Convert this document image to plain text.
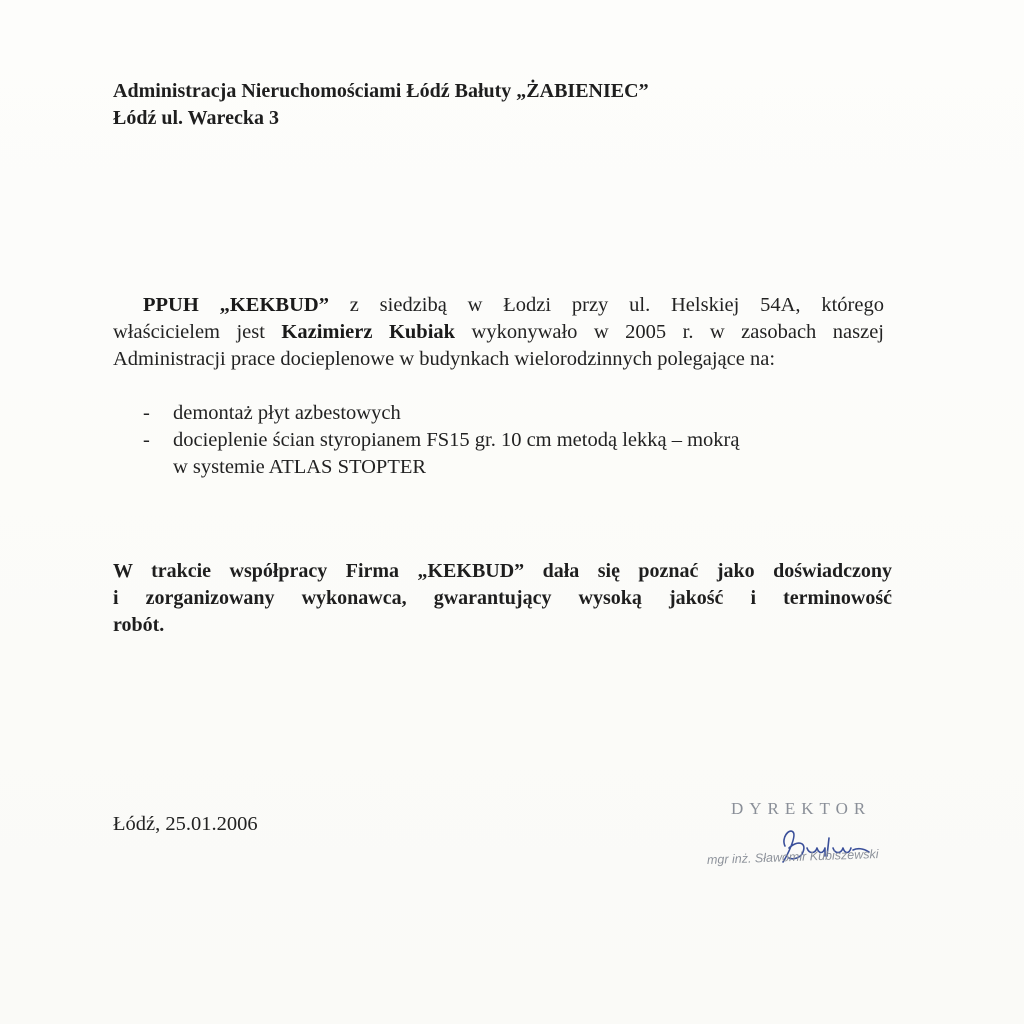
Administracja Nieruchomościami Łódź Bałuty „ŻABIENIEC”
Łódź ul. Warecka 3
PPUH „KEKBUD” z siedzibą w Łodzi przy ul. Helskiej 54A, którego
właścicielem jest Kazimierz Kubiak wykonywało w 2005 r. w zasobach naszej
Administracji prace docieplenowe w budynkach wielorodzinnych polegające na:
-	demontaż płyt azbestowych
-	docieplenie ścian styropianem FS15 gr. 10 cm metodą lekką – mokrą
w systemie ATLAS STOPTER
W trakcie współpracy Firma „KEKBUD” dała się poznać jako doświadczony
i zorganizowany wykonawca, gwarantujący wysoką jakość i terminowość
robót.
Łódź, 25.01.2006
DYREKTOR
mgr inż. Sławomir Kubiszewski
